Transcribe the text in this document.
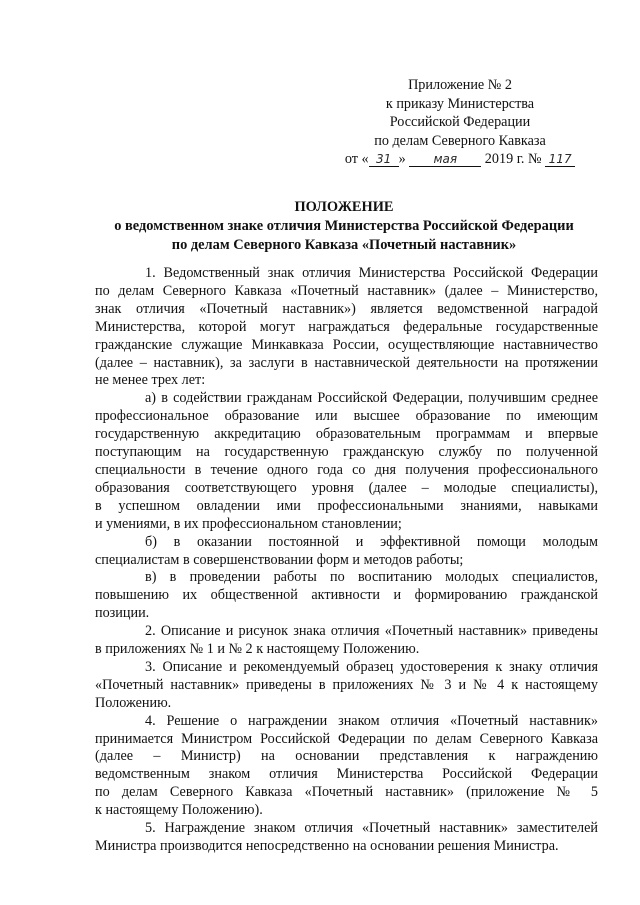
Приложение № 2
к приказу Министерства
Российской Федерации
по делам Северного Кавказа
от « 31 » мая 2019 г. № 117
ПОЛОЖЕНИЕ
о ведомственном знаке отличия Министерства Российской Федерации
по делам Северного Кавказа «Почетный наставник»

1. Ведомственный знак отличия Министерства Российской Федерации
по делам Северного Кавказа «Почетный наставник» (далее – Министерство,
знак отличия «Почетный наставник») является ведомственной наградой
Министерства, которой могут награждаться федеральные государственные
гражданские служащие Минкавказа России, осуществляющие наставничество
(далее – наставник), за заслуги в наставнической деятельности на протяжении
не менее трех лет:

а) в содействии гражданам Российской Федерации, получившим среднее
профессиональное образование или высшее образование по имеющим
государственную аккредитацию образовательным программам и впервые
поступающим на государственную гражданскую службу по полученной
специальности в течение одного года со дня получения профессионального
образования соответствующего уровня (далее – молодые специалисты),
в успешном овладении ими профессиональными знаниями, навыками
и умениями, в их профессиональном становлении;

б) в оказании постоянной и эффективной помощи молодым
специалистам в совершенствовании форм и методов работы;

в) в проведении работы по воспитанию молодых специалистов,
повышению их общественной активности и формированию гражданской
позиции.

2. Описание и рисунок знака отличия «Почетный наставник» приведены
в приложениях № 1 и № 2 к настоящему Положению.

3. Описание и рекомендуемый образец удостоверения к знаку отличия
«Почетный наставник» приведены в приложениях № 3 и № 4 к настоящему
Положению.

4. Решение о награждении знаком отличия «Почетный наставник»
принимается Министром Российской Федерации по делам Северного Кавказа
(далее – Министр) на основании представления к награждению
ведомственным знаком отличия Министерства Российской Федерации
по делам Северного Кавказа «Почетный наставник» (приложение № 5
к настоящему Положению).

5. Награждение знаком отличия «Почетный наставник» заместителей
Министра производится непосредственно на основании решения Министра.
